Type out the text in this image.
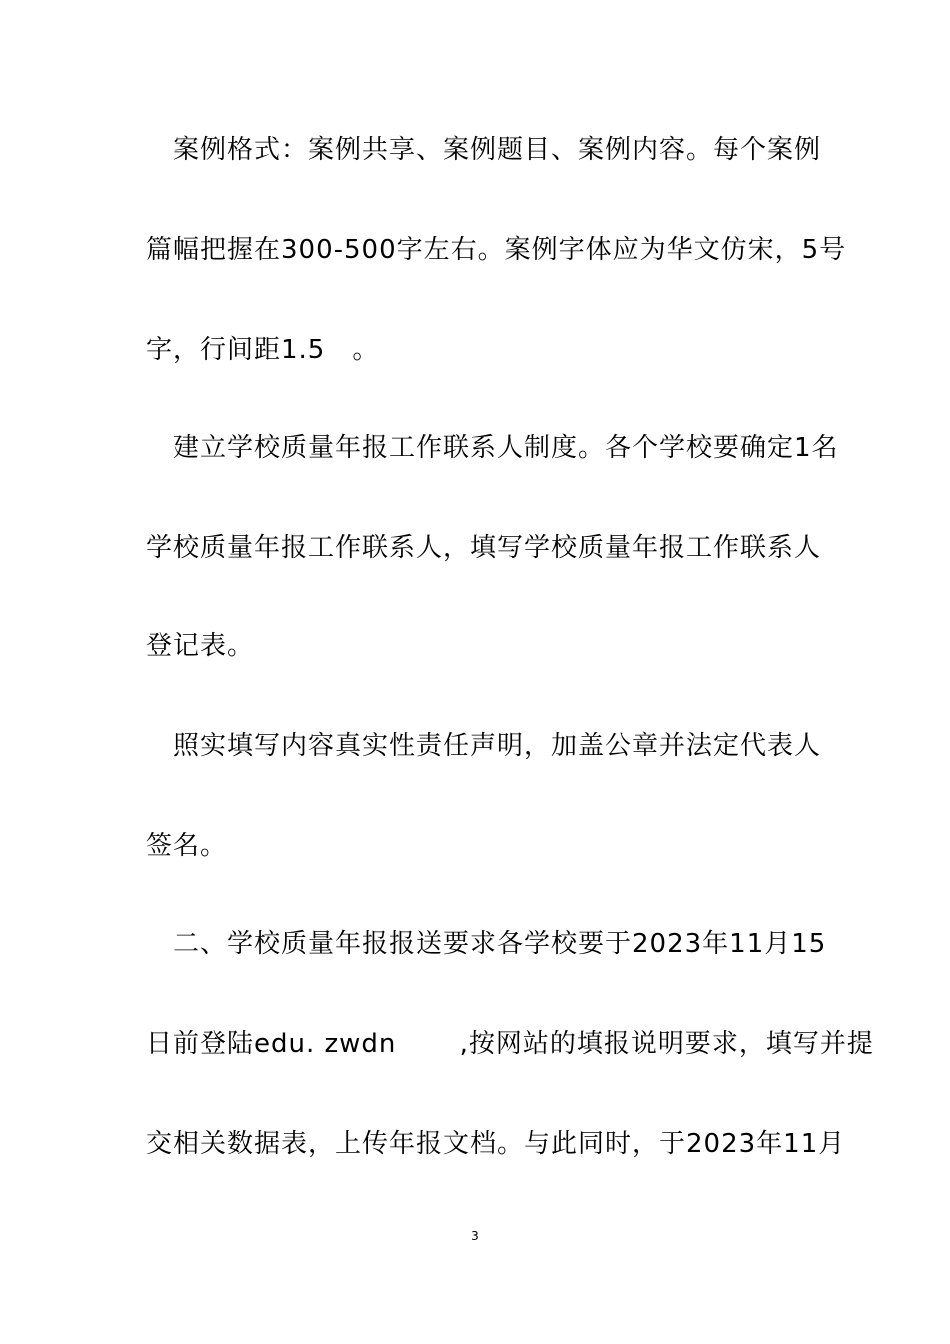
　案例格式：案例共享、案例题目、案例内容。每个案例
篇幅把握在300-500字左右。案例字体应为华文仿宋，5号
字，行间距1.5　。
　建立学校质量年报工作联系人制度。各个学校要确定1名
学校质量年报工作联系人，填写学校质量年报工作联系人
登记表。
　照实填写内容真实性责任声明，加盖公章并法定代表人
签名。
　二、学校质量年报报送要求各学校要于2023年11月15
日前登陆edu. zwdn　　 ,按网站的填报说明要求，填写并提
交相关数据表，上传年报文档。与此同时，于2023年11月
3
